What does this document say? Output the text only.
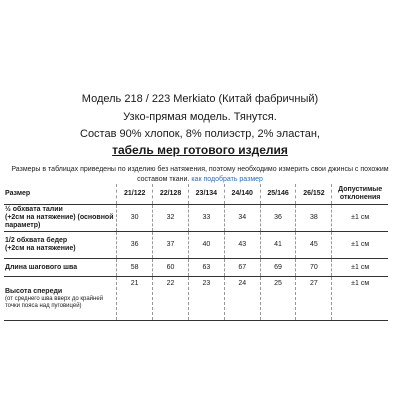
Модель 218 / 223 Merkiato (Китай фабричный)
Узко-прямая модель. Тянутся.
Состав 90% хлопок, 8% полиэстр, 2% эластан,
табель мер готового изделия
Размеры в таблицах приведены по изделию без натяжения, поэтому необходимо измерить свои джинсы с похожим составом ткани. как подобрать размер
Размер	21/122	22/128	23/134	24/140	25/146	26/152	Допустимые отклонения

½ обхвата талии
(+2см на натяжение) (основной параметр)	30	32	33	34	36	38	±1 см

1/2 обхвата бедер
(+2см на натяжение)	36	37	40	43	41	45	±1 см
Длина шагового шва	58	60	63	67	69	70	±1 см
Высота спереди
(от среднего шва вверх до крайней точки пояса над пуговицей)	21	22	23	24	25	27	±1 см
